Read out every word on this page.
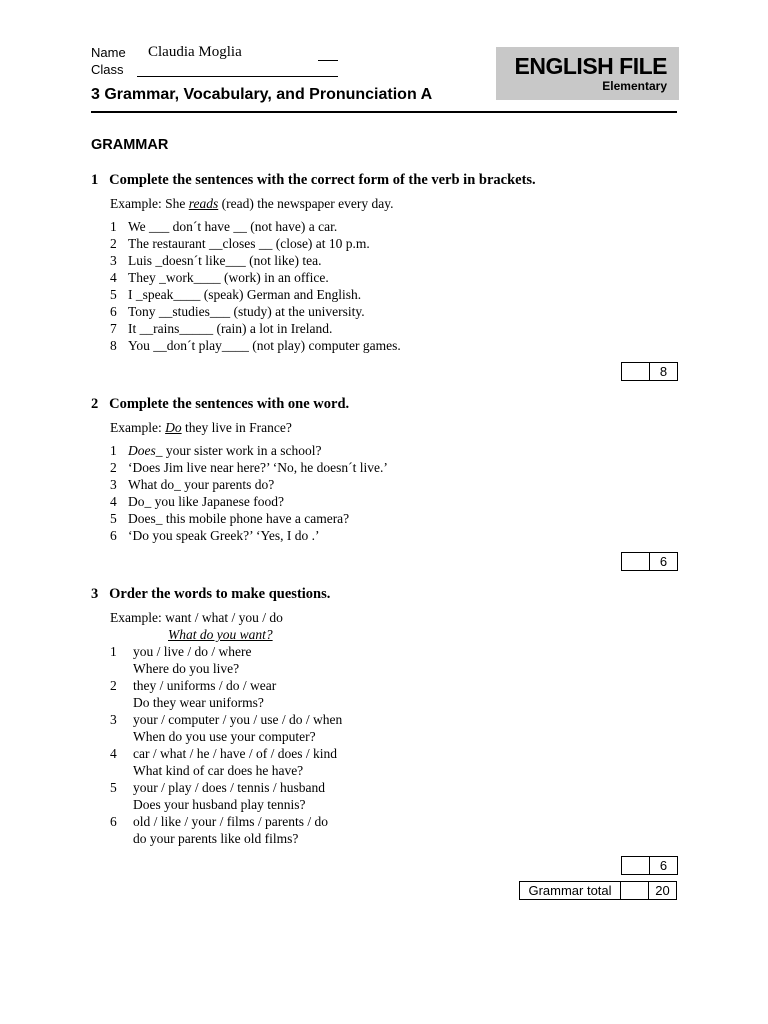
Name Claudia Moglia
Class
3 Grammar, Vocabulary, and Pronunciation A
ENGLISH FILE
Elementary
GRAMMAR
1 Complete the sentences with the correct form of the verb in brackets.
Example: She reads (read) the newspaper every day.
1 We ___ don´t have __ (not have) a car.
2 The restaurant __closes __ (close) at 10 p.m.
3 Luis _doesn´t like___ (not like) tea.
4 They _work____ (work) in an office.
5 I _speak____ (speak) German and English.
6 Tony __studies___ (study) at the university.
7 It __rains_____ (rain) a lot in Ireland.
8 You __don´t play____ (not play) computer games.
8
2 Complete the sentences with one word.
Example: Do they live in France?
1 Does_ your sister work in a school?
2 ‘Does Jim live near here?’ ‘No, he doesn´t live.’
3 What do_ your parents do?
4 Do_ you like Japanese food?
5 Does_ this mobile phone have a camera?
6 ‘Do you speak Greek?’ ‘Yes, I do .’
6
3 Order the words to make questions.
Example: want / what / you / do
What do you want?
1 you / live / do / where
Where do you live?
2 they / uniforms / do / wear
Do they wear uniforms?
3 your / computer / you / use / do / when
When do you use your computer?
4 car / what / he / have / of / does / kind
What kind of car does he have?
5 your / play / does / tennis / husband
Does your husband play tennis?
6 old / like / your / films / parents / do
do your parents like old films?
6
Grammar total	20
